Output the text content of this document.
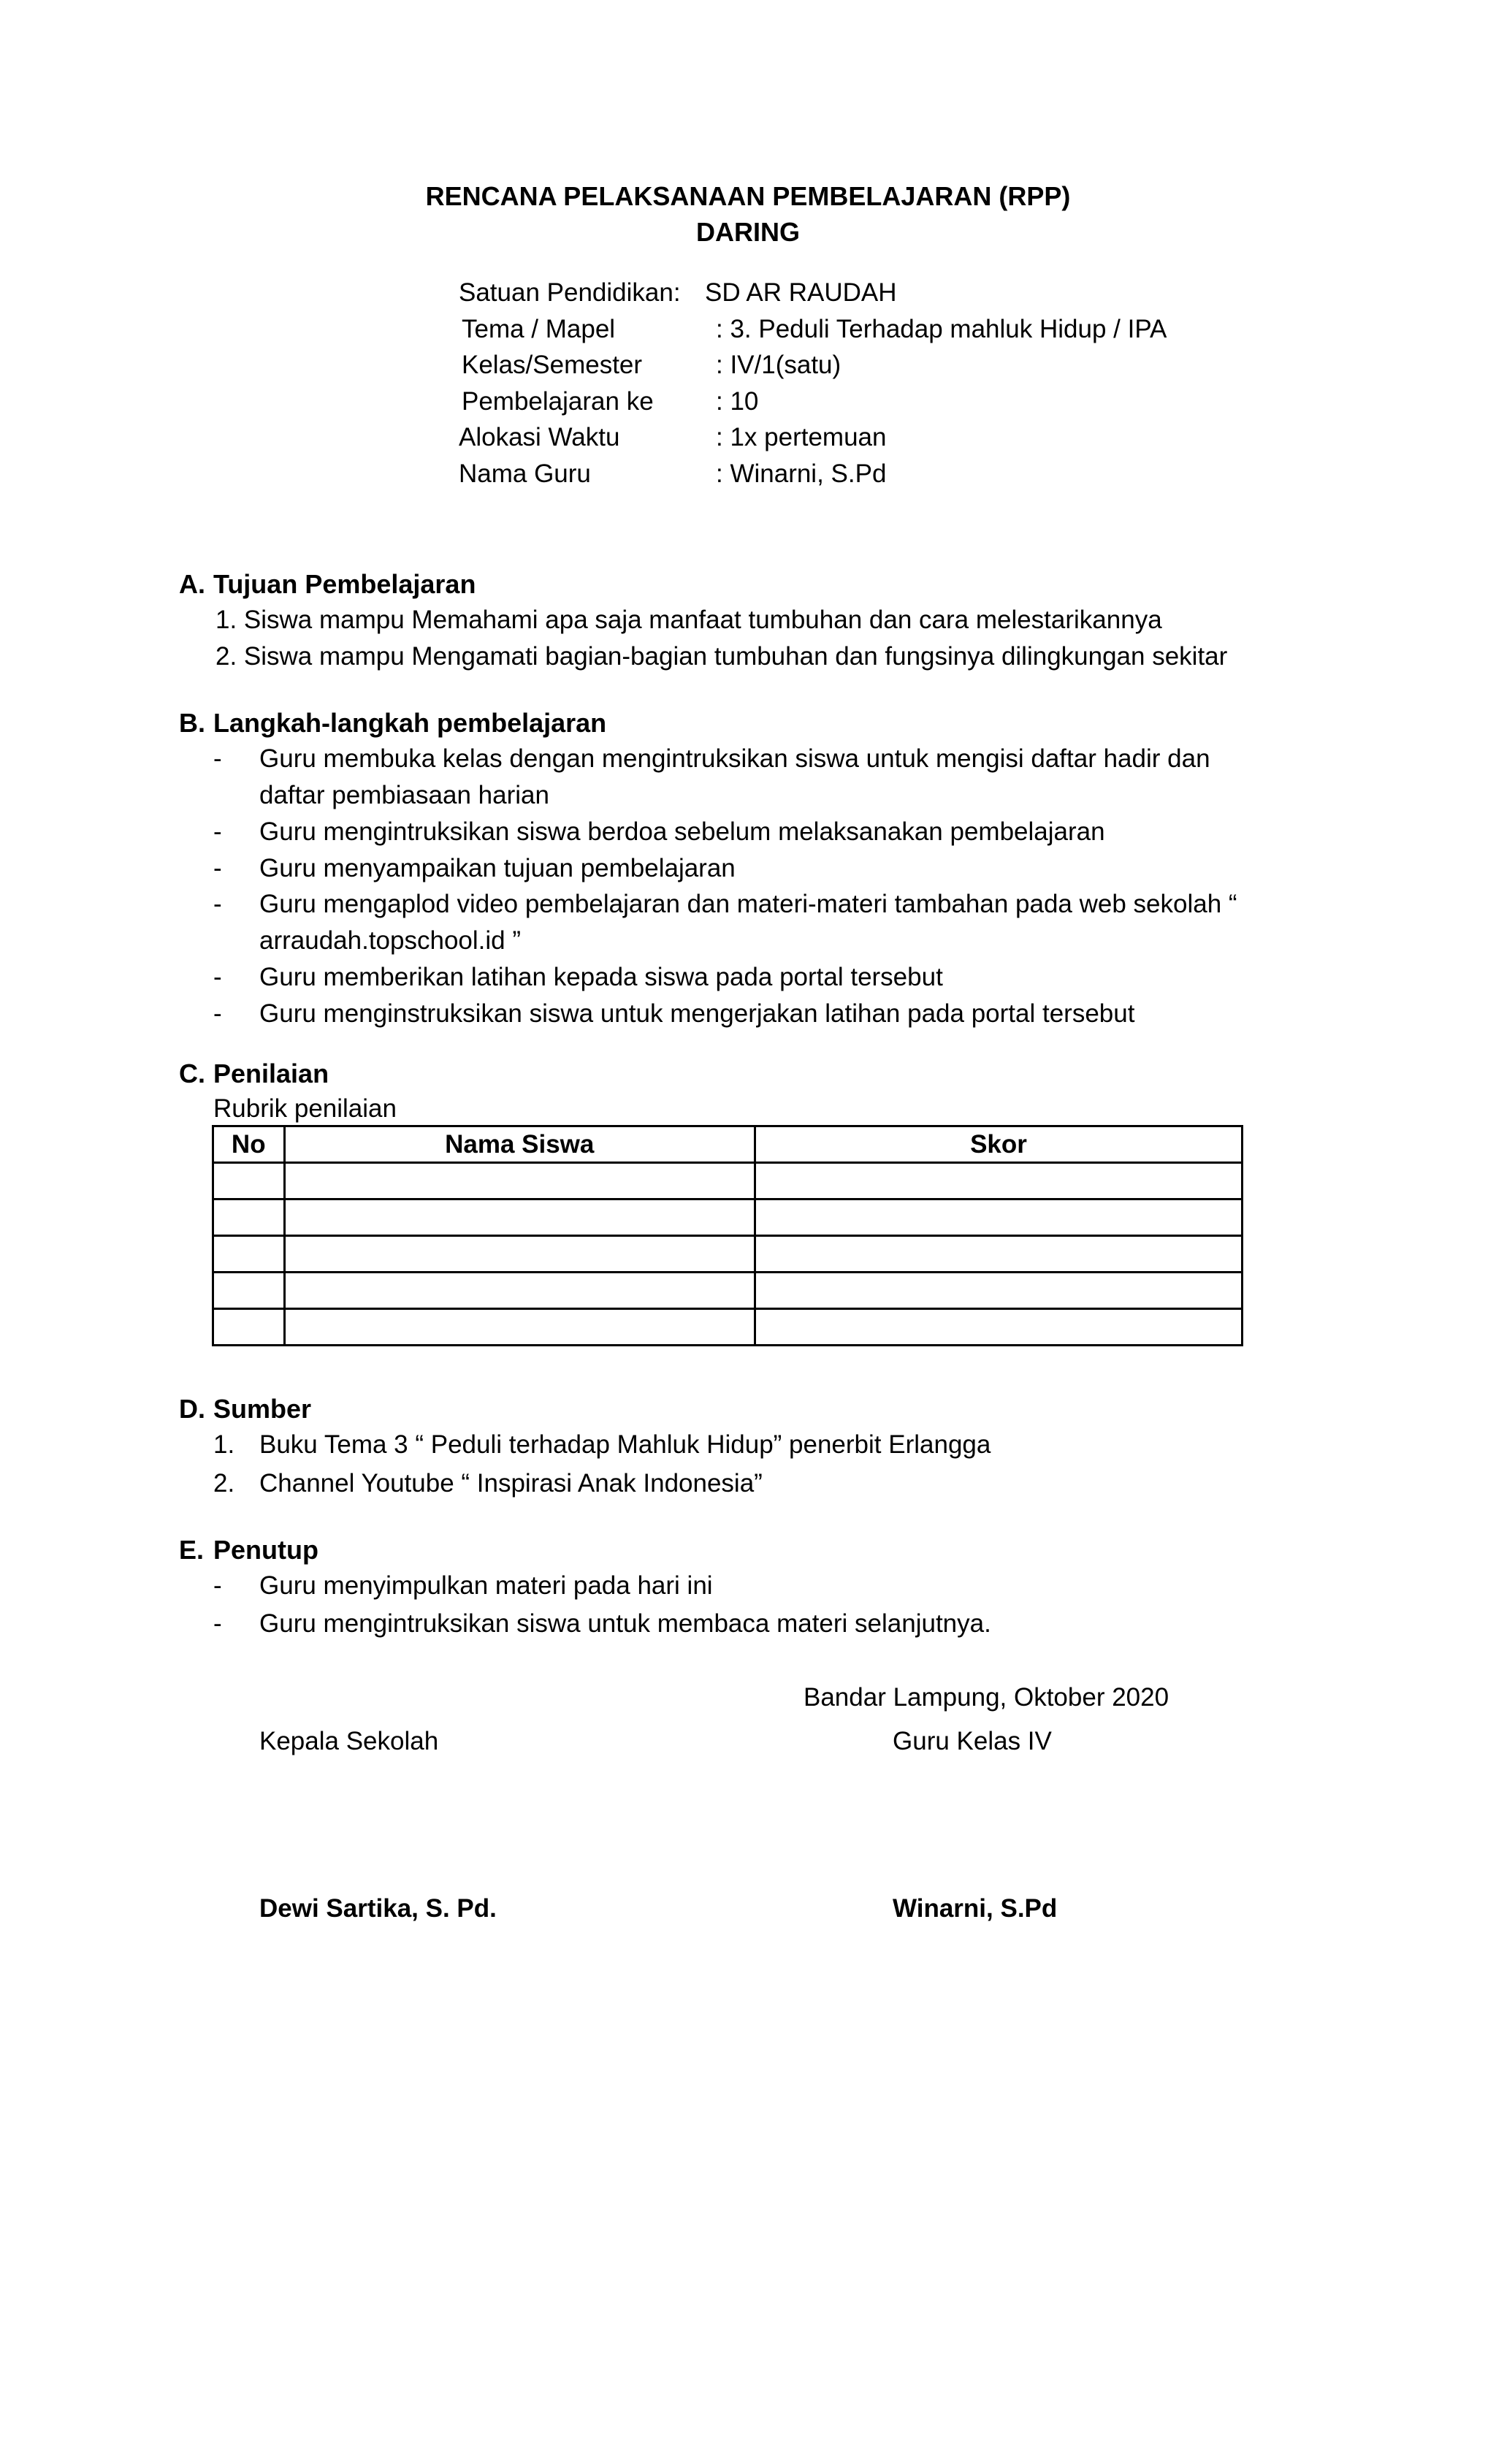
RENCANA PELAKSANAAN PEMBELAJARAN (RPP)
DARING
Satuan Pendidikan: SD AR RAUDAH
Tema / Mapel	: 3. Peduli Terhadap mahluk Hidup / IPA
Kelas/Semester	: IV/1(satu)
Pembelajaran ke : 10
Alokasi Waktu	: 1x pertemuan
Nama Guru	: Winarni, S.Pd
A. Tujuan Pembelajaran
1. Siswa mampu Memahami apa saja manfaat tumbuhan dan cara melestarikannya
2. Siswa mampu Mengamati bagian-bagian tumbuhan dan fungsinya dilingkungan sekitar
B. Langkah-langkah pembelajaran
- Guru membuka kelas dengan mengintruksikan siswa untuk mengisi daftar hadir dan
daftar pembiasaan harian
- Guru mengintruksikan siswa berdoa sebelum melaksanakan pembelajaran
- Guru menyampaikan tujuan pembelajaran
- Guru mengaplod video pembelajaran dan materi-materi tambahan pada web sekolah “
arraudah.topschool.id ”
- Guru memberikan latihan kepada siswa pada portal tersebut
- Guru menginstruksikan siswa untuk mengerjakan latihan pada portal tersebut
C. Penilaian
Rubrik penilaian
No	Nama Siswa	Skor

D. Sumber
1. Buku Tema 3 “ Peduli terhadap Mahluk Hidup” penerbit Erlangga
2. Channel Youtube “ Inspirasi Anak Indonesia”
E. Penutup
- Guru menyimpulkan materi pada hari ini
- Guru mengintruksikan siswa untuk membaca materi selanjutnya.
Bandar Lampung, Oktober 2020
Kepala Sekolah	Guru Kelas IV
Dewi Sartika, S. Pd.	Winarni, S.Pd
